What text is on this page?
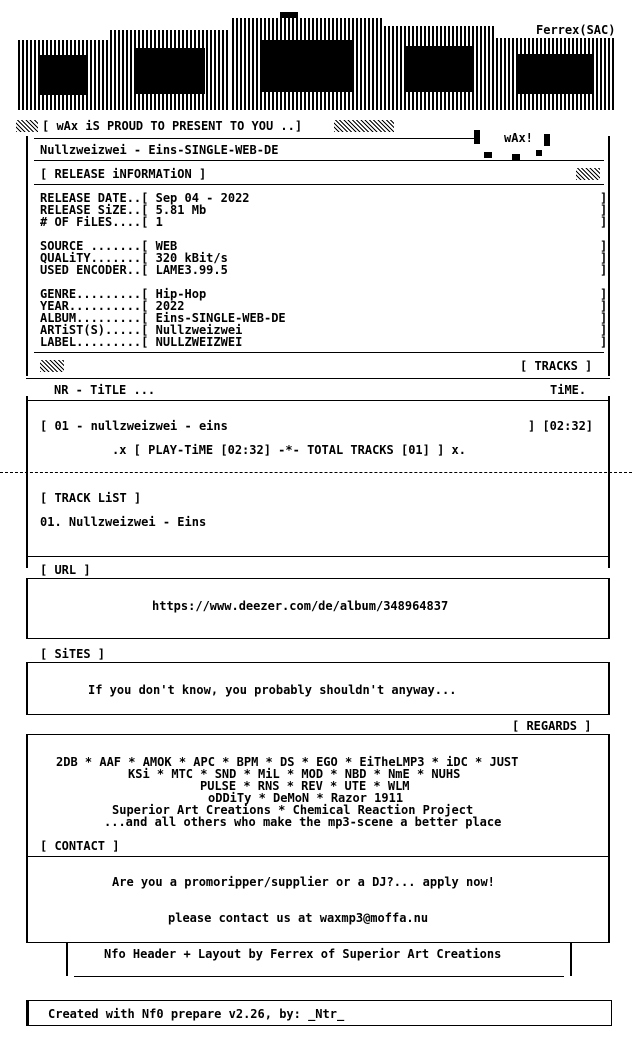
Ferrex(SAC)
[ wAx iS PROUD TO PRESENT TO YOU ..]
Nullzweizwei - Eins-SINGLE-WEB-DE
wAx!
[ RELEASE iNFORMATiON ]
RELEASE DATE..[ Sep 04 - 2022	]
RELEASE SiZE..[ 5.81 Mb	]
# OF FiLES....[ 1	]
SOURCE .......[ WEB	]
QUALiTY.......[ 320 kBit/s	]
USED ENCODER..[ LAME3.99.5	]
GENRE.........[ Hip-Hop	]
YEAR..........[ 2022	]
ALBUM.........[ Eins-SINGLE-WEB-DE	]
ARTiST(S).....[ Nullzweizwei	]
LABEL.........[ NULLZWEIZWEI	]
[ TRACKS ]
NR - TiTLE ...	TiME.
[ 01 - nullzweizwei - eins	] [02:32]
.x [ PLAY-TiME [02:32] -*- TOTAL TRACKS [01] ] x.
[ TRACK LiST ]
01. Nullzweizwei - Eins
[ URL ]
https://www.deezer.com/de/album/348964837
[ SiTES ]
If you don't know, you probably shouldn't anyway...
[ REGARDS ]
2DB * AAF * AMOK * APC * BPM * DS * EGO * EiTheLMP3 * iDC * JUST
KSi * MTC * SND * MiL * MOD * NBD * NmE * NUHS
PULSE * RNS * REV * UTE * WLM
oDDiTy * DeMoN * Razor 1911
Superior Art Creations * Chemical Reaction Project
...and all others who make the mp3-scene a better place
[ CONTACT ]
Are you a promoripper/supplier or a DJ?... apply now!
please contact us at waxmp3@moffa.nu
Nfo Header + Layout by Ferrex of Superior Art Creations
Created with Nf0 prepare v2.26, by: _Ntr_
